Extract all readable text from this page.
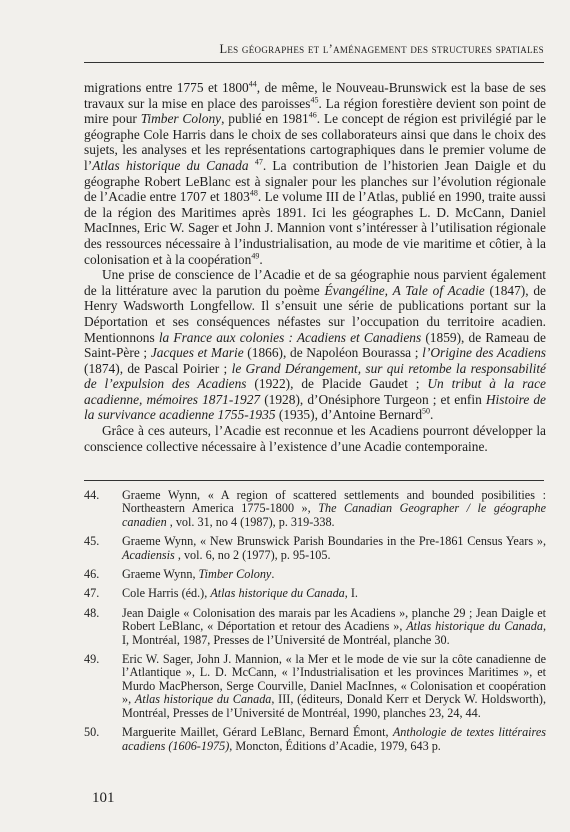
Les géographes et l’aménagement des structures spatiales

migrations entre 1775 et 1800$^{44}$, de même, le Nouveau-Brunswick est la base de ses travaux sur la mise en place des paroisses$^{45}$. La région forestière devient son point de mire pour Timber Colony, publié en 1981$^{46}$. Le concept de région est privilégié par le géographe Cole Harris dans le choix de ses collaborateurs ainsi que dans le choix des sujets, les analyses et les représentations cartographiques dans le premier volume de l’Atlas historique du Canada $^{47}$. La contribution de l’historien Jean Daigle et du géographe Robert LeBlanc est à signaler pour les planches sur l’évolution régionale de l’Acadie entre 1707 et 1803$^{48}$. Le volume III de l’Atlas, publié en 1990, traite aussi de la région des Maritimes après 1891. Ici les géographes L. D. McCann, Daniel MacInnes, Eric W. Sager et John J. Mannion vont s’intéresser à l’utilisation régionale des ressources nécessaire à l’industrialisation, au mode de vie maritime et côtier, à la colonisation et à la coopération$^{49}$.

Une prise de conscience de l’Acadie et de sa géographie nous parvient également de la littérature avec la parution du poème Évangéline, A Tale of Acadie (1847), de Henry Wadsworth Longfellow. Il s’ensuit une série de publications portant sur la Déportation et ses conséquences néfastes sur l’occupation du territoire acadien. Mentionnons la France aux colonies : Acadiens et Canadiens (1859), de Rameau de Saint-Père ; Jacques et Marie (1866), de Napoléon Bourassa ; l’Origine des Acadiens (1874), de Pascal Poirier ; le Grand Dérangement, sur qui retombe la responsabilité de l’expulsion des Acadiens (1922), de Placide Gaudet ; Un tribut à la race acadienne, mémoires 1871-1927 (1928), d’Onésiphore Turgeon ; et enfin Histoire de la survivance acadienne 1755-1935 (1935), d’Antoine Bernard$^{50}$.

Grâce à ces auteurs, l’Acadie est reconnue et les Acadiens pourront développer la conscience collective nécessaire à l’existence d’une Acadie contemporaine.

44.	Graeme Wynn, « A region of scattered settlements and bounded posibilities : Northeastern America 1775-1800 », The Canadian Geographer / le géographe canadien , vol. 31, no 4 (1987), p. 319-338.
45.	Graeme Wynn, « New Brunswick Parish Boundaries in the Pre-1861 Census Years », Acadiensis , vol. 6, no 2 (1977), p. 95-105.
46.	Graeme Wynn, Timber Colony.
47.	Cole Harris (éd.), Atlas historique du Canada, I.
48.	Jean Daigle « Colonisation des marais par les Acadiens », planche 29 ; Jean Daigle et Robert LeBlanc, « Déportation et retour des Acadiens », Atlas historique du Canada, I, Montréal, 1987, Presses de l’Université de Montréal, planche 30.
49.	Eric W. Sager, John J. Mannion, « la Mer et le mode de vie sur la côte canadienne de l’Atlantique », L. D. McCann, « l’Industrialisation et les provinces Maritimes », et Murdo MacPherson, Serge Courville, Daniel MacInnes, « Colonisation et coopération », Atlas historique du Canada, III, (éditeurs, Donald Kerr et Deryck W. Holdsworth), Montréal, Presses de l’Université de Montréal, 1990, planches 23, 24, 44.
50.	Marguerite Maillet, Gérard LeBlanc, Bernard Émont, Anthologie de textes littéraires acadiens (1606-1975), Moncton, Éditions d’Acadie, 1979, 643 p.
101
